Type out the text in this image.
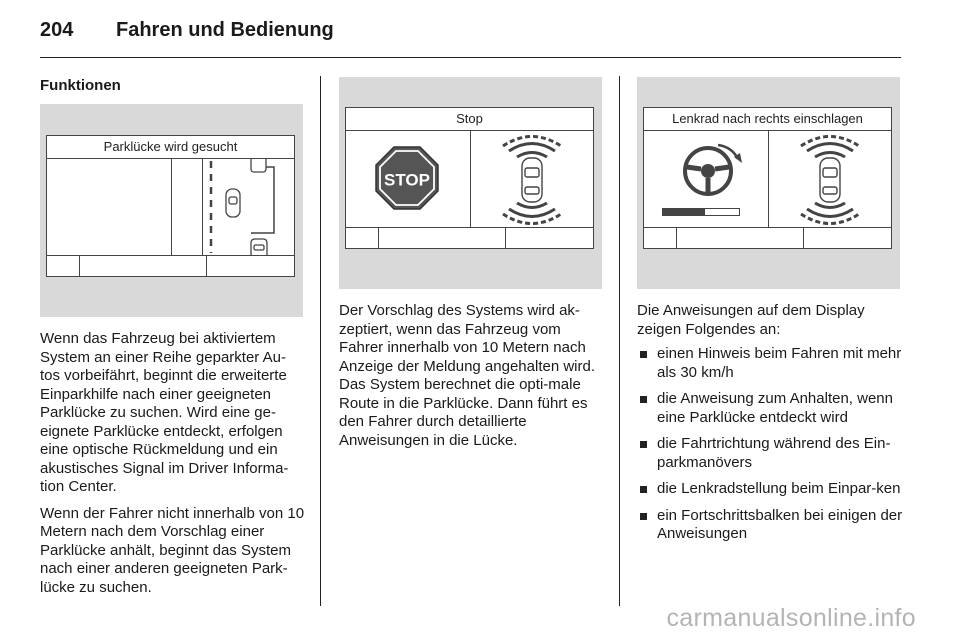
204 Fahren und Bedienung
Funktionen
Parklücke wird gesucht
Stop
STOP
Lenkrad nach rechts einschlagen

Wenn das Fahrzeug bei aktiviertem System an einer Reihe geparkter Au-tos vorbeifährt, beginnt die erweiterte Einparkhilfe nach einer geeigneten Parklücke zu suchen. Wird eine ge-eignete Parklücke entdeckt, erfolgen eine optische Rückmeldung und ein akustisches Signal im Driver Informa-tion Center.

Wenn der Fahrer nicht innerhalb von 10 Metern nach dem Vorschlag einer Parklücke anhält, beginnt das System nach einer anderen geeigneten Park-lücke zu suchen.

Der Vorschlag des Systems wird ak-zeptiert, wenn das Fahrzeug vom Fahrer innerhalb von 10 Metern nach Anzeige der Meldung angehalten wird. Das System berechnet die opti-male Route in die Parklücke. Dann führt es den Fahrer durch detaillierte Anweisungen in die Lücke.

Die Anweisungen auf dem Display zeigen Folgendes an:
einen Hinweis beim Fahren mit mehr als 30 km/h
die Anweisung zum Anhalten, wenn eine Parklücke entdeckt wird
die Fahrtrichtung während des Ein-parkmanövers
die Lenkradstellung beim Einpar-ken
ein Fortschrittsbalken bei einigen der Anweisungen
carmanualsonline.info
